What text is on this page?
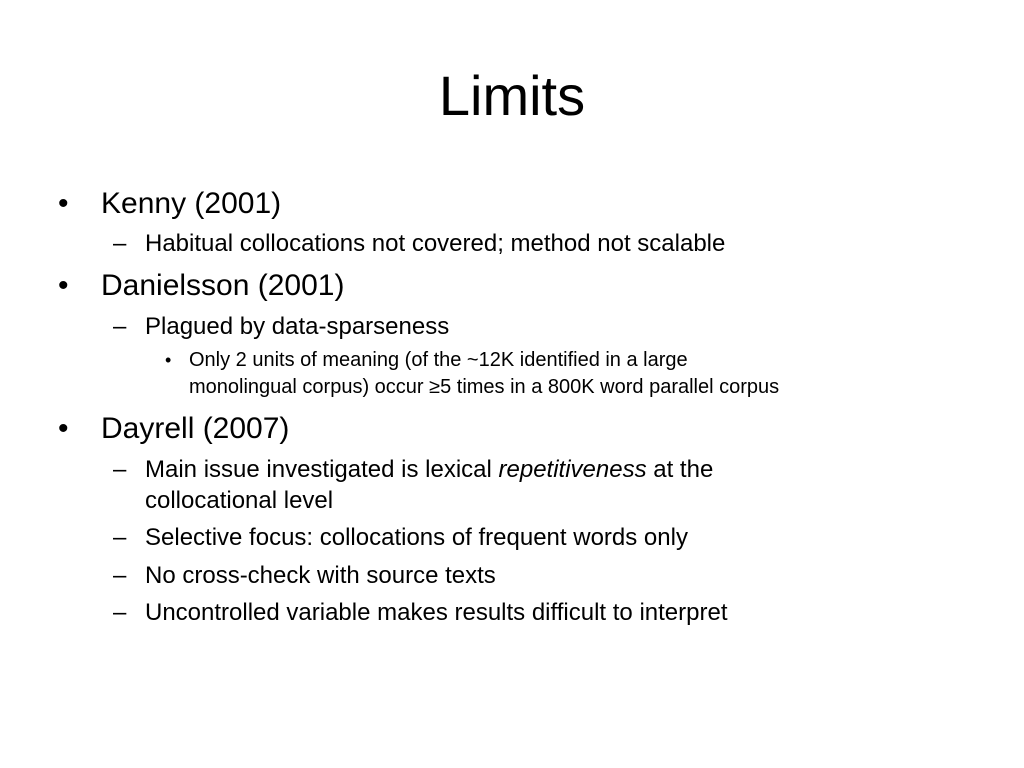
Limits
• Kenny (2001)
– Habitual collocations not covered; method not scalable
• Danielsson (2001)
– Plagued by data-sparseness
• Only 2 units of meaning (of the ~12K identified in a large
monolingual corpus) occur ≥5 times in a 800K word parallel corpus
• Dayrell (2007)
– Main issue investigated is lexical repetitiveness at the
collocational level
– Selective focus: collocations of frequent words only
– No cross-check with source texts
– Uncontrolled variable makes results difficult to interpret
